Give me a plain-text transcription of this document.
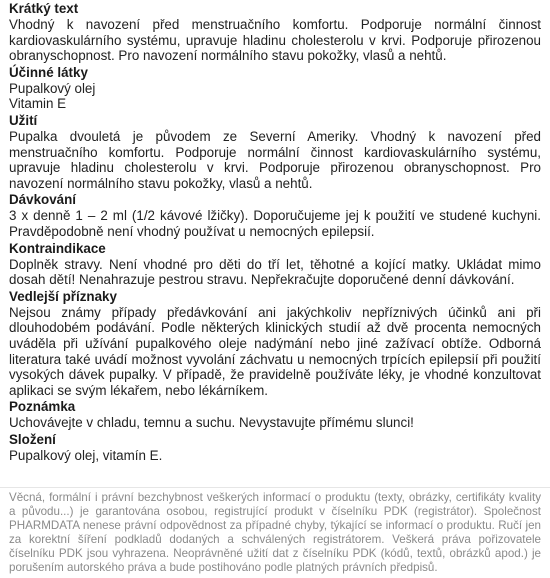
Krátký text

Vhodný k navození před menstruačního komfortu. Podporuje normální činnost kardiovaskulárního systému, upravuje hladinu cholesterolu v krvi. Podporuje přirozenou obranyschopnost. Pro navození normálního stavu pokožky, vlasů a nehtů.

Účinné látky

Pupalkový olej

Vitamin E

Užití

Pupalka dvouletá je původem ze Severní Ameriky. Vhodný k navození před menstruačního komfortu. Podporuje normální činnost kardiovaskulárního systému, upravuje hladinu cholesterolu v krvi. Podporuje přirozenou obranyschopnost. Pro navození normálního stavu pokožky, vlasů a nehtů.

Dávkování

3 x denně 1 – 2 ml (1/2 kávové lžičky). Doporučujeme jej k použití ve studené kuchyni. Pravděpodobně není vhodný používat u nemocných epilepsií.

Kontraindikace

Doplněk stravy. Není vhodné pro děti do tří let, těhotné a kojící matky. Ukládat mimo dosah dětí! Nenahrazuje pestrou stravu. Nepřekračujte doporučené denní dávkování.

Vedlejší příznaky

Nejsou známy případy předávkování ani jakýchkoliv nepříznivých účinků ani při dlouhodobém podávání. Podle některých klinických studií až dvě procenta nemocných uváděla při užívání pupalkového oleje nadýmání nebo jiné zažívací obtíže. Odborná literatura také uvádí možnost vyvolání záchvatu u nemocných trpících epilepsií při použití vysokých dávek pupalky. V případě, že pravidelně používáte léky, je vhodné konzultovat aplikaci se svým lékařem, nebo lékárníkem.

Poznámka

Uchovávejte v chladu, temnu a suchu. Nevystavujte přímému slunci!

Složení

Pupalkový olej, vitamín E.

Věcná, formální i právní bezchybnost veškerých informací o produktu (texty, obrázky, certifikáty kvality a původu...) je garantována osobou, registrující produkt v číselníku PDK (registrátor). Společnost PHARMDATA nenese právní odpovědnost za případné chyby, týkající se informací o produktu. Ručí jen za korektní šíření podkladů dodaných a schválených registrátorem. Veškerá práva pořizovatele číselníku PDK jsou vyhrazena. Neoprávněné užití dat z číselníku PDK (kódů, textů, obrázků apod.) je porušením autorského práva a bude postihováno podle platných právních předpisů.
